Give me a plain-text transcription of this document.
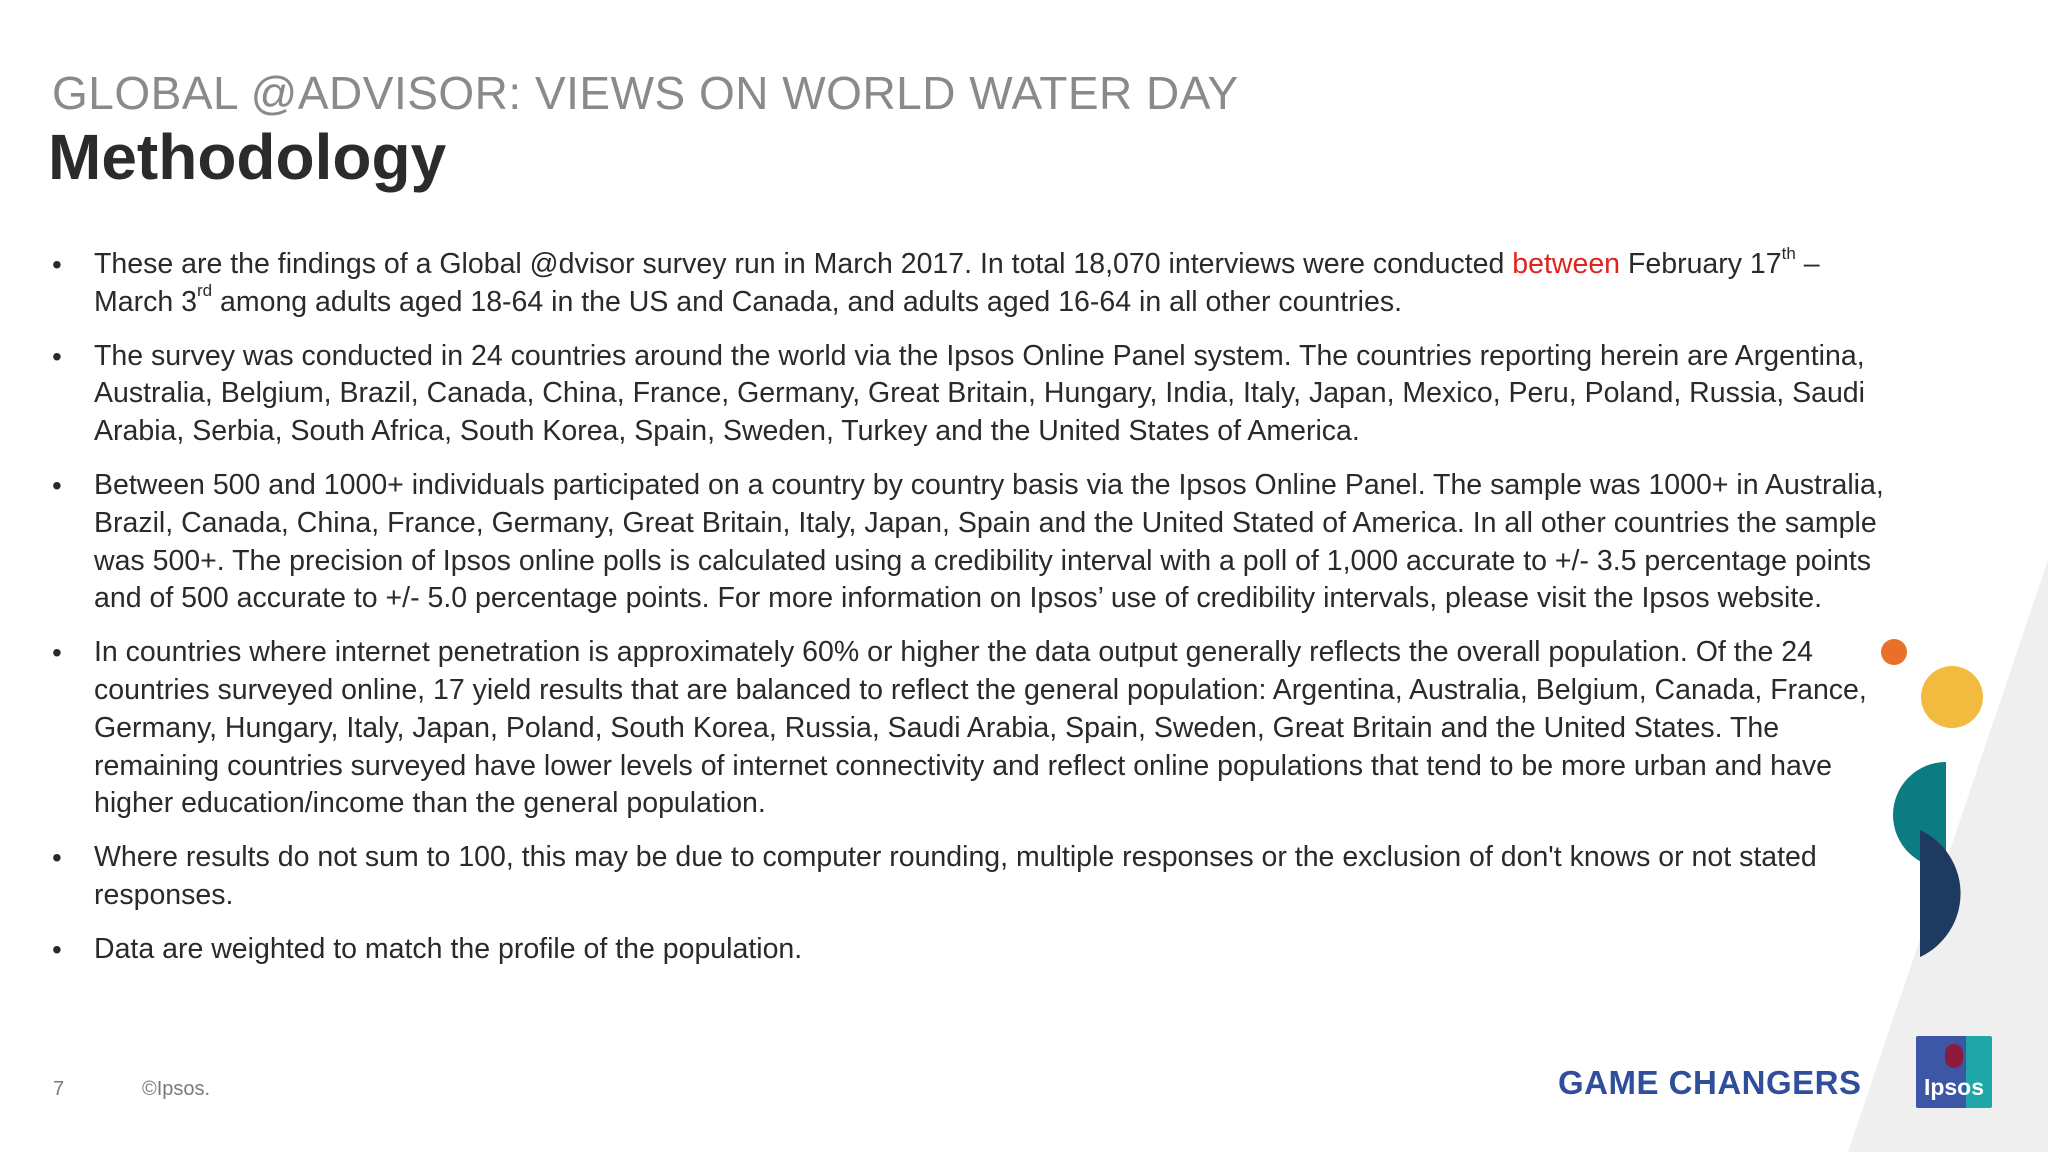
GLOBAL @ADVISOR: VIEWS ON WORLD WATER DAY
Methodology
• These are the findings of a Global @dvisor survey run in March 2017. In total 18,070 interviews were conducted between February 17th – March 3rd among adults aged 18-64 in the US and Canada, and adults aged 16-64 in all other countries.
• The survey was conducted in 24 countries around the world via the Ipsos Online Panel system. The countries reporting herein are Argentina, Australia, Belgium, Brazil, Canada, China, France, Germany, Great Britain, Hungary, India, Italy, Japan, Mexico, Peru, Poland, Russia, Saudi Arabia, Serbia, South Africa, South Korea, Spain, Sweden, Turkey and the United States of America.
• Between 500 and 1000+ individuals participated on a country by country basis via the Ipsos Online Panel. The sample was 1000+ in Australia, Brazil, Canada, China, France, Germany, Great Britain, Italy, Japan, Spain and the United Stated of America. In all other countries the sample was 500+. The precision of Ipsos online polls is calculated using a credibility interval with a poll of 1,000 accurate to +/- 3.5 percentage points and of 500 accurate to +/- 5.0 percentage points. For more information on Ipsos’ use of credibility intervals, please visit the Ipsos website.
• In countries where internet penetration is approximately 60% or higher the data output generally reflects the overall population. Of the 24 countries surveyed online, 17 yield results that are balanced to reflect the general population: Argentina, Australia, Belgium, Canada, France, Germany, Hungary, Italy, Japan, Poland, South Korea, Russia, Saudi Arabia, Spain, Sweden, Great Britain and the United States. The remaining countries surveyed have lower levels of internet connectivity and reflect online populations that tend to be more urban and have higher education/income than the general population.
• Where results do not sum to 100, this may be due to computer rounding, multiple responses or the exclusion of don't knows or not stated responses.
• Data are weighted to match the profile of the population.
7	©Ipsos.	GAME CHANGERS	Ipsos
